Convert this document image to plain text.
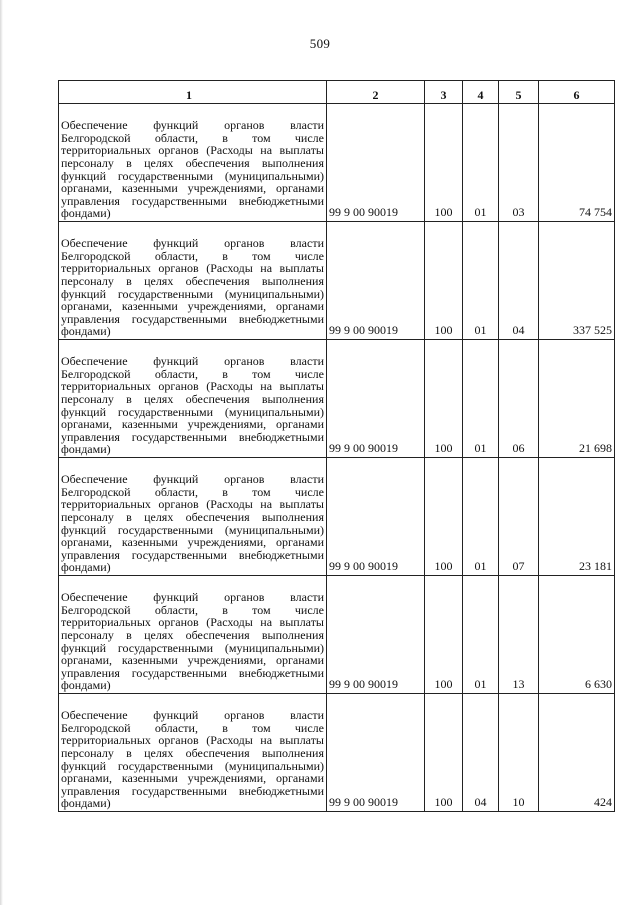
509
1	2	3	4	5	6
Обеспечение функций органов власти Белгородской области, в том числе территориальных органов (Расходы на выплаты персоналу в целях обеспечения выполнения функций государственными (муниципальными) органами, казенными учреждениями, органами управления государственными внебюджетными фондами)	99 9 00 90019	100	01	03	74 754
Обеспечение функций органов власти Белгородской области, в том числе территориальных органов (Расходы на выплаты персоналу в целях обеспечения выполнения функций государственными (муниципальными) органами, казенными учреждениями, органами управления государственными внебюджетными фондами)	99 9 00 90019	100	01	04	337 525
Обеспечение функций органов власти Белгородской области, в том числе территориальных органов (Расходы на выплаты персоналу в целях обеспечения выполнения функций государственными (муниципальными) органами, казенными учреждениями, органами управления государственными внебюджетными фондами)	99 9 00 90019	100	01	06	21 698
Обеспечение функций органов власти Белгородской области, в том числе территориальных органов (Расходы на выплаты персоналу в целях обеспечения выполнения функций государственными (муниципальными) органами, казенными учреждениями, органами управления государственными внебюджетными фондами)	99 9 00 90019	100	01	07	23 181
Обеспечение функций органов власти Белгородской области, в том числе территориальных органов (Расходы на выплаты персоналу в целях обеспечения выполнения функций государственными (муниципальными) органами, казенными учреждениями, органами управления государственными внебюджетными фондами)	99 9 00 90019	100	01	13	6 630
Обеспечение функций органов власти Белгородской области, в том числе территориальных органов (Расходы на выплаты персоналу в целях обеспечения выполнения функций государственными (муниципальными) органами, казенными учреждениями, органами управления государственными внебюджетными фондами)	99 9 00 90019	100	04	10	424
